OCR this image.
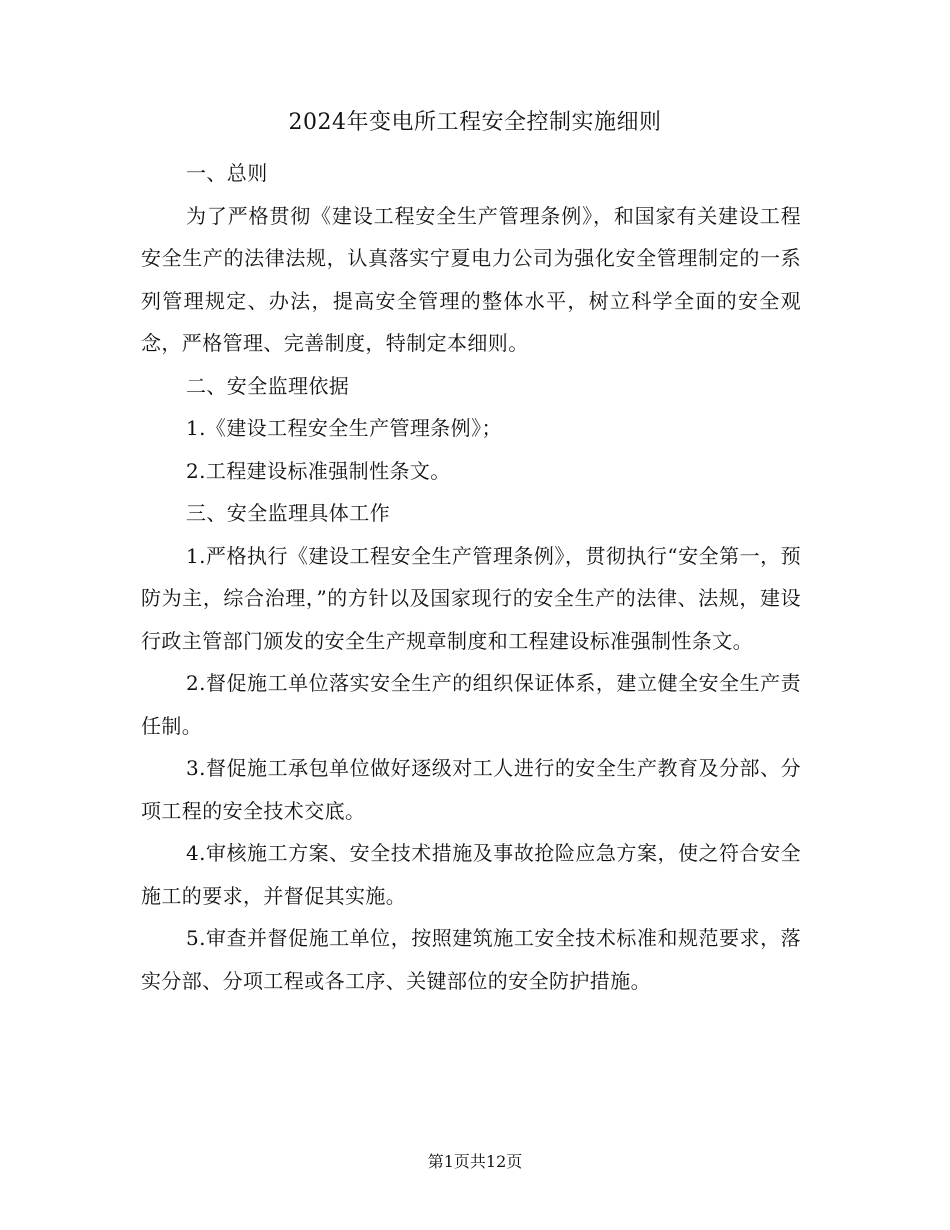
2024年变电所工程安全控制实施细则

一、总则

为了严格贯彻《建设工程安全生产管理条例》，和国家有关建设工程安全生产的法律法规，认真落实宁夏电力公司为强化安全管理制定的一系列管理规定、办法，提高安全管理的整体水平，树立科学全面的安全观念，严格管理、完善制度，特制定本细则。

二、安全监理依据

1.《建设工程安全生产管理条例》；

2.工程建设标准强制性条文。

三、安全监理具体工作

1.严格执行《建设工程安全生产管理条例》，贯彻执行“安全第一，预防为主，综合治理，”的方针以及国家现行的安全生产的法律、法规，建设行政主管部门颁发的安全生产规章制度和工程建设标准强制性条文。

2.督促施工单位落实安全生产的组织保证体系，建立健全安全生产责任制。

3.督促施工承包单位做好逐级对工人进行的安全生产教育及分部、分项工程的安全技术交底。

4.审核施工方案、安全技术措施及事故抢险应急方案，使之符合安全施工的要求，并督促其实施。

5.审查并督促施工单位，按照建筑施工安全技术标准和规范要求，落实分部、分项工程或各工序、关键部位的安全防护措施。

第1页共12页
